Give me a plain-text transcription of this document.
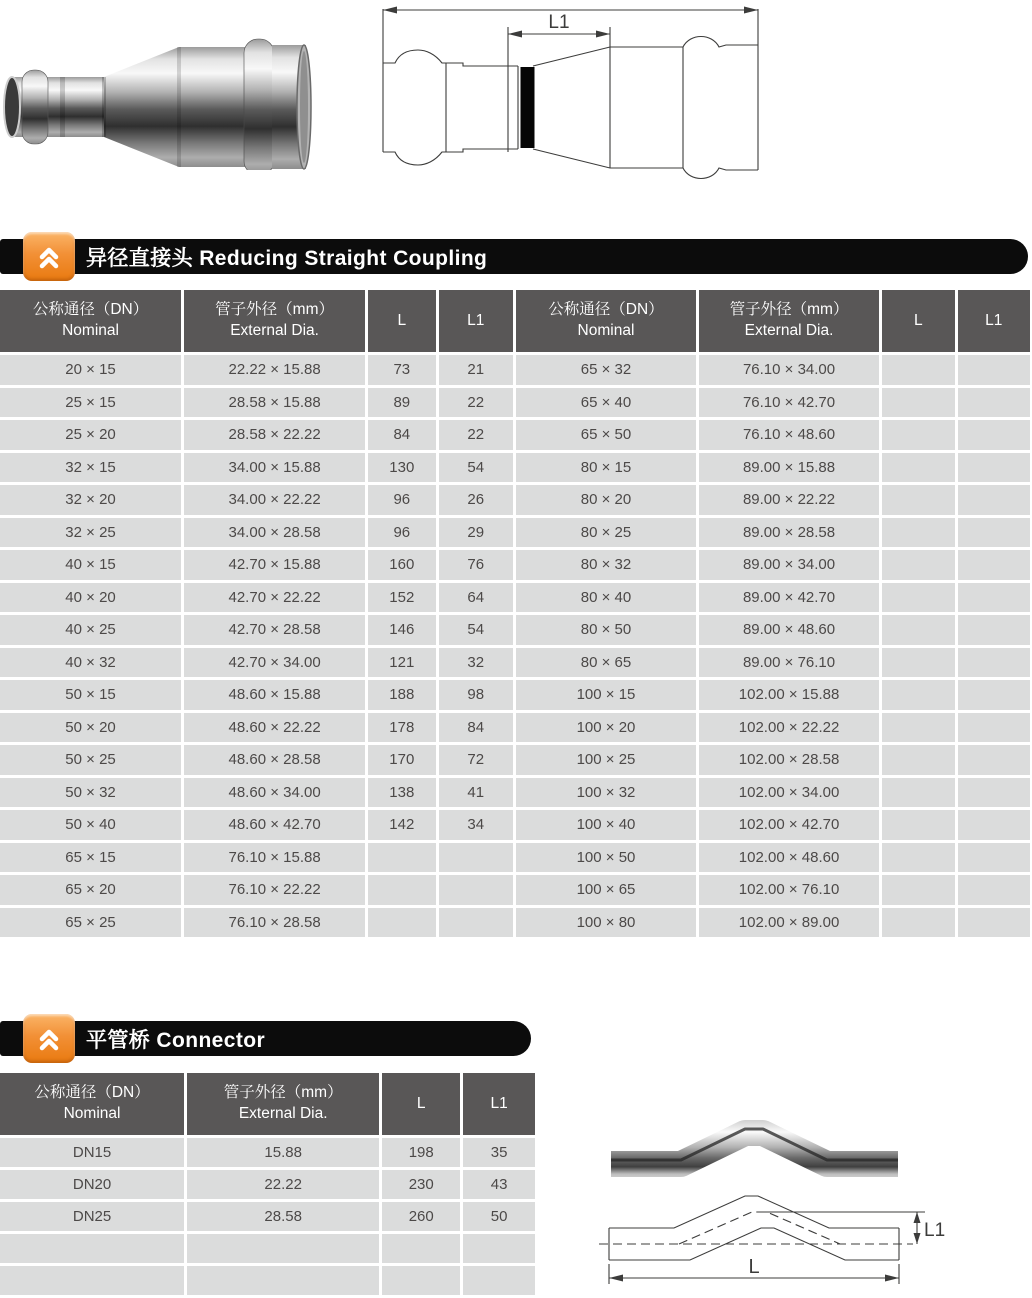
L1
异径直接头 Reducing Straight Coupling
公称通径（DN）
Nominal

管子外径（mm）
External Dia.
	L	L1	
公称通径（DN）
Nominal

管子外径（mm）
External Dia.
	L	L1
20 × 15	22.22 × 15.88	73	21	65 × 32	76.10 × 34.00		
25 × 15	28.58 × 15.88	89	22	65 × 40	76.10 × 42.70		
25 × 20	28.58 × 22.22	84	22	65 × 50	76.10 × 48.60		
32 × 15	34.00 × 15.88	130	54	80 × 15	89.00 × 15.88		
32 × 20	34.00 × 22.22	96	26	80 × 20	89.00 × 22.22		
32 × 25	34.00 × 28.58	96	29	80 × 25	89.00 × 28.58		
40 × 15	42.70 × 15.88	160	76	80 × 32	89.00 × 34.00		
40 × 20	42.70 × 22.22	152	64	80 × 40	89.00 × 42.70		
40 × 25	42.70 × 28.58	146	54	80 × 50	89.00 × 48.60		
40 × 32	42.70 × 34.00	121	32	80 × 65	89.00 × 76.10		
50 × 15	48.60 × 15.88	188	98	100 × 15	102.00 × 15.88		
50 × 20	48.60 × 22.22	178	84	100 × 20	102.00 × 22.22		
50 × 25	48.60 × 28.58	170	72	100 × 25	102.00 × 28.58		
50 × 32	48.60 × 34.00	138	41	100 × 32	102.00 × 34.00		
50 × 40	48.60 × 42.70	142	34	100 × 40	102.00 × 42.70		
65 × 15	76.10 × 15.88			100 × 50	102.00 × 48.60		
65 × 20	76.10 × 22.22			100 × 65	102.00 × 76.10		
65 × 25	76.10 × 28.58			100 × 80	102.00 × 89.00		
平管桥 Connector
公称通径（DN）
Nominal

管子外径（mm）
External Dia.
	L	L1
DN15	15.88	198	35
DN20	22.22	230	43
DN25	28.58	260	50

L1
L
